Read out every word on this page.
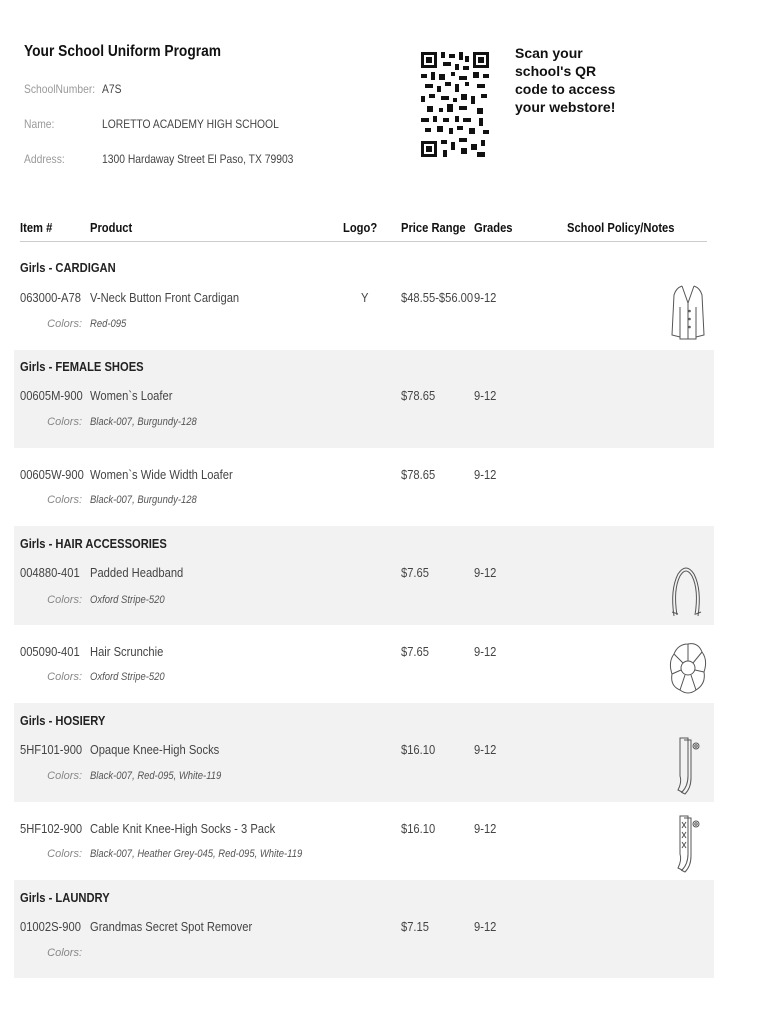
Your School Uniform Program
SchoolNumber: A7S
Name:	LORETTO ACADEMY HIGH SCHOOL
Address:	1300 Hardaway Street El Paso, TX 79903
Scan your
school's QR
code to access
your webstore!
Item #	Product	Logo?	Price Range Grades	School Policy/Notes
Girls - CARDIGAN
Girls - FEMALE SHOES
Girls - HAIR ACCESSORIES
Girls - HOSIERY
Girls - LAUNDRY
063000-A78 V-Neck Button Front Cardigan	Y	$48.55-$56.00 9-12
Colors: Red-095
00605M-900 Women`s Loafer	$78.65	9-12
Colors: Black-007, Burgundy-128
00605W-900 Women`s Wide Width Loafer	$78.65	9-12
Colors: Black-007, Burgundy-128
004880-401 Padded Headband	$7.65	9-12
Colors: Oxford Stripe-520
005090-401 Hair Scrunchie	$7.65	9-12
Colors: Oxford Stripe-520
5HF101-900 Opaque Knee-High Socks	$16.10	9-12
Colors: Black-007, Red-095, White-119
5HF102-900 Cable Knit Knee-High Socks - 3 Pack	$16.10	9-12
Colors: Black-007, Heather Grey-045, Red-095, White-119
01002S-900 Grandmas Secret Spot Remover	$7.15	9-12
Colors:
